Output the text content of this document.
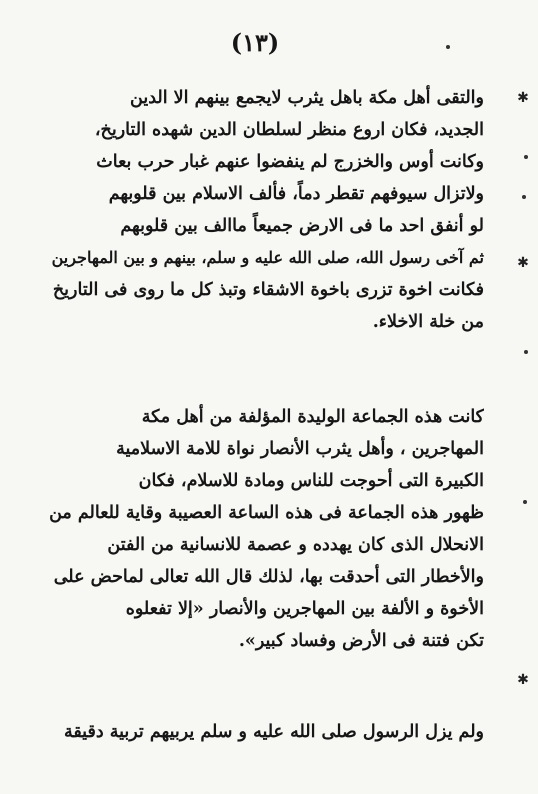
(١٣)
والتقى أهل مكة باهل يثرب لايجمع بينهم الا الدين
الجديد، فكان اروع منظر لسلطان الدين شهده التاريخ،
وكانت أوس والخزرج لم ينفضوا عنهم غبار حرب بعاث
ولاتزال سيوفهم تقطر دماً، فألف الاسلام بين قلوبهم
لو أنفق احد ما فى الارض جميعاً ماالف بين قلوبهم
ثم آخى رسول الله، صلى الله عليه و سلم، بينهم و بين المهاجرين
فكانت اخوة تزرى باخوة الاشقاء وتبذ كل ما روى فى التاريخ
من خلة الاخلاء.
كانت هذه الجماعة الوليدة المؤلفة من أهل مكة
المهاجرين ، وأهل يثرب الأنصار نواة للامة الاسلامية
الكبيرة التى أحوجت للناس ومادة للاسلام، فكان
ظهور هذه الجماعة فى هذه الساعة العصيبة وقاية للعالم من
الانحلال الذى كان يهدده و عصمة للانسانية من الفتن
والأخطار التى أحدقت بها، لذلك قال الله تعالى لماحض على
الأخوة و الألفة بين المهاجرين والأنصار «إلا تفعلوه
تكن فتنة فى الأرض وفساد كبير».
ولم يزل الرسول صلى الله عليه و سلم يربيهم تربية دقيقة
✱
✱
✱
